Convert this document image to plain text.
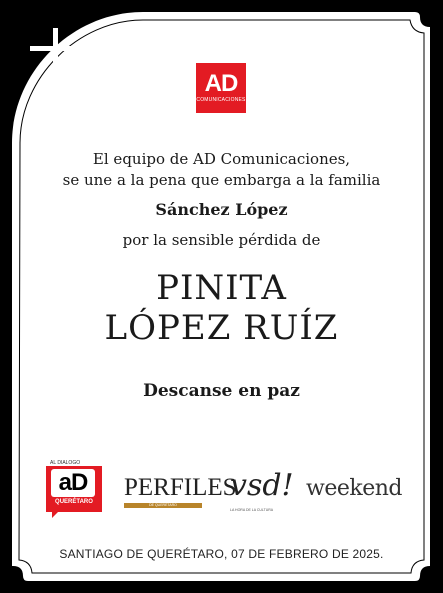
AD
COMUNICACIONES
El equipo de AD Comunicaciones,
se une a la pena que embarga a la familia
Sánchez López
por la sensible pérdida de
PINITA
LÓPEZ RUÍZ
Descanse en paz
AL DIALOGO
aD
QUERÉTARO
PERFILES
DE QUERÉTARO
vsd!
LA HORA DE LA CULTURA
weekend
SANTIAGO DE QUERÉTARO, 07 DE FEBRERO DE 2025.
